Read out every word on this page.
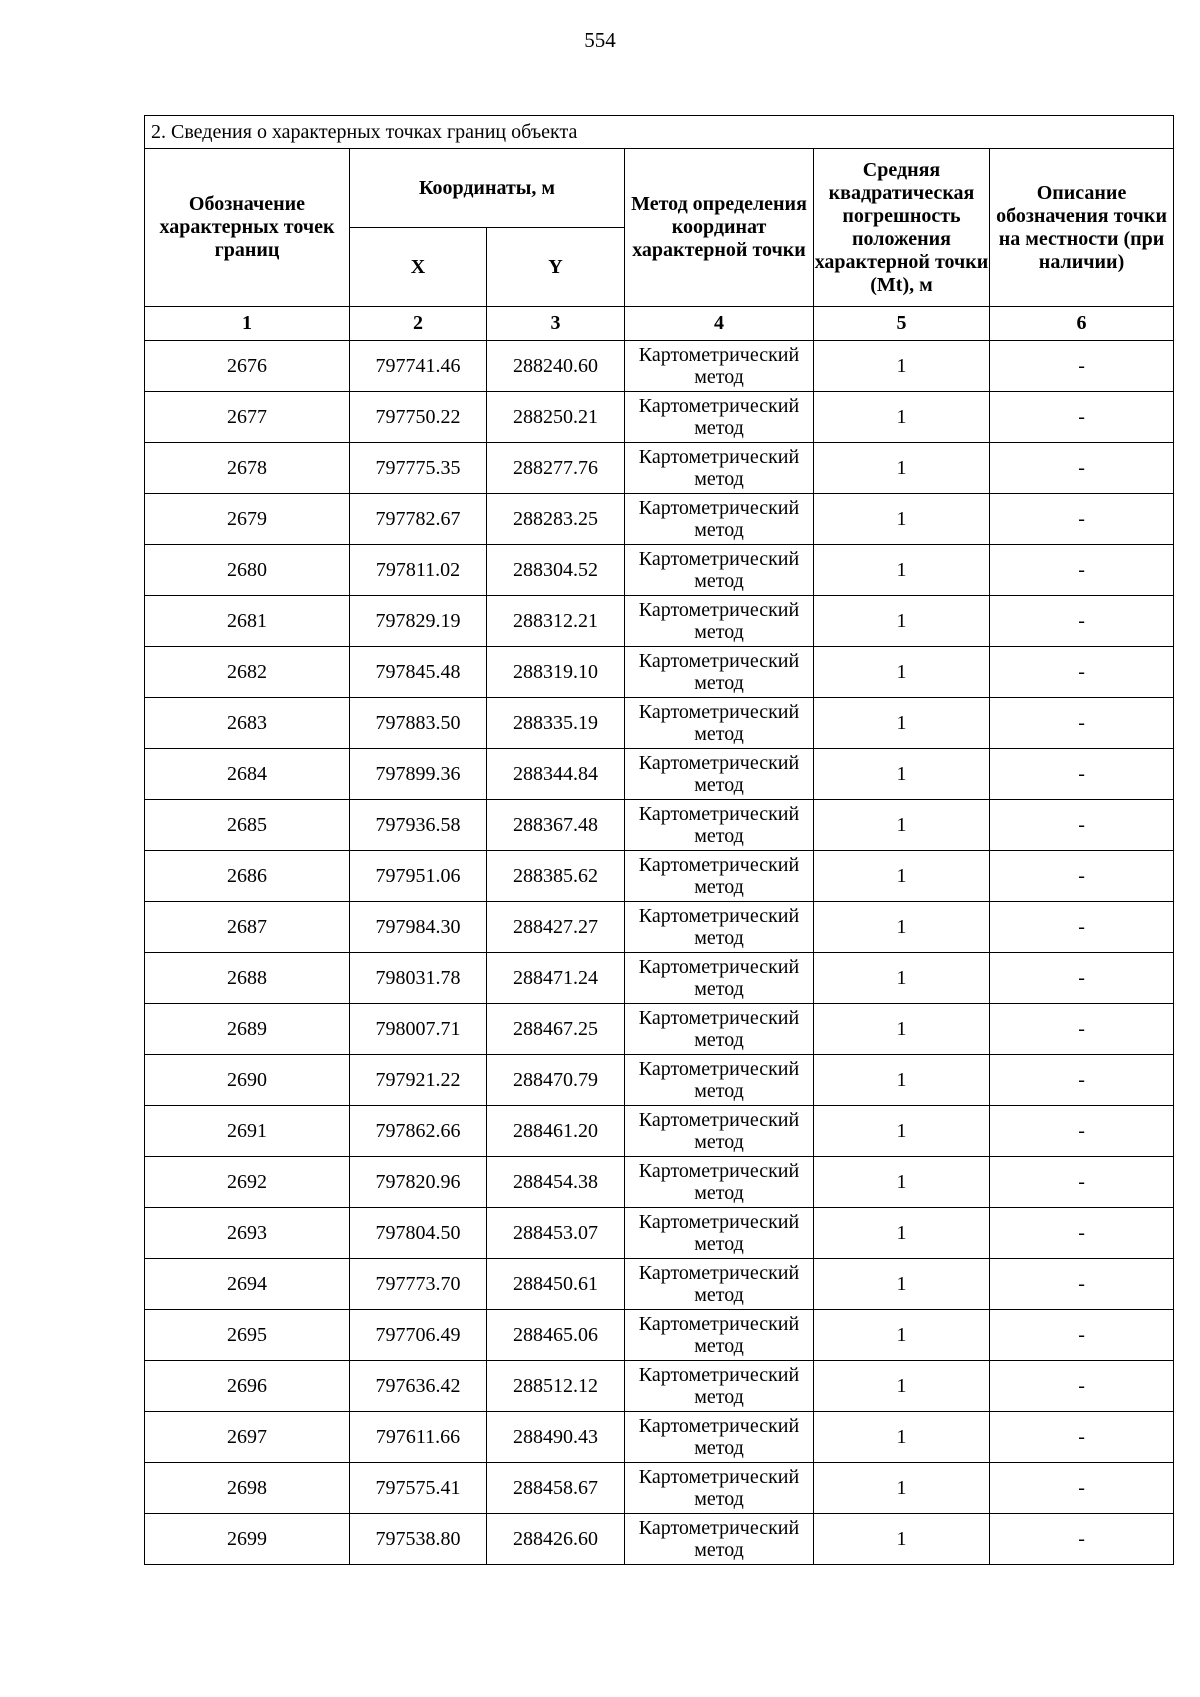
554
2. Сведения о характерных точках границ объекта					
Обозначение характерных точек границ	Координаты, м		Метод определения координат характерной точки	Средняя квадратическая погрешность положения характерной точки (Mt), м	Описание обозначения точки на местности (при наличии)
	X	Y			
1	2	3	4	5	6
2676	797741.46	288240.60	Картометрический метод	1	-
2677	797750.22	288250.21	Картометрический метод	1	-
2678	797775.35	288277.76	Картометрический метод	1	-
2679	797782.67	288283.25	Картометрический метод	1	-
2680	797811.02	288304.52	Картометрический метод	1	-
2681	797829.19	288312.21	Картометрический метод	1	-
2682	797845.48	288319.10	Картометрический метод	1	-
2683	797883.50	288335.19	Картометрический метод	1	-
2684	797899.36	288344.84	Картометрический метод	1	-
2685	797936.58	288367.48	Картометрический метод	1	-
2686	797951.06	288385.62	Картометрический метод	1	-
2687	797984.30	288427.27	Картометрический метод	1	-
2688	798031.78	288471.24	Картометрический метод	1	-
2689	798007.71	288467.25	Картометрический метод	1	-
2690	797921.22	288470.79	Картометрический метод	1	-
2691	797862.66	288461.20	Картометрический метод	1	-
2692	797820.96	288454.38	Картометрический метод	1	-
2693	797804.50	288453.07	Картометрический метод	1	-
2694	797773.70	288450.61	Картометрический метод	1	-
2695	797706.49	288465.06	Картометрический метод	1	-
2696	797636.42	288512.12	Картометрический метод	1	-
2697	797611.66	288490.43	Картометрический метод	1	-
2698	797575.41	288458.67	Картометрический метод	1	-
2699	797538.80	288426.60	Картометрический метод	1	-
